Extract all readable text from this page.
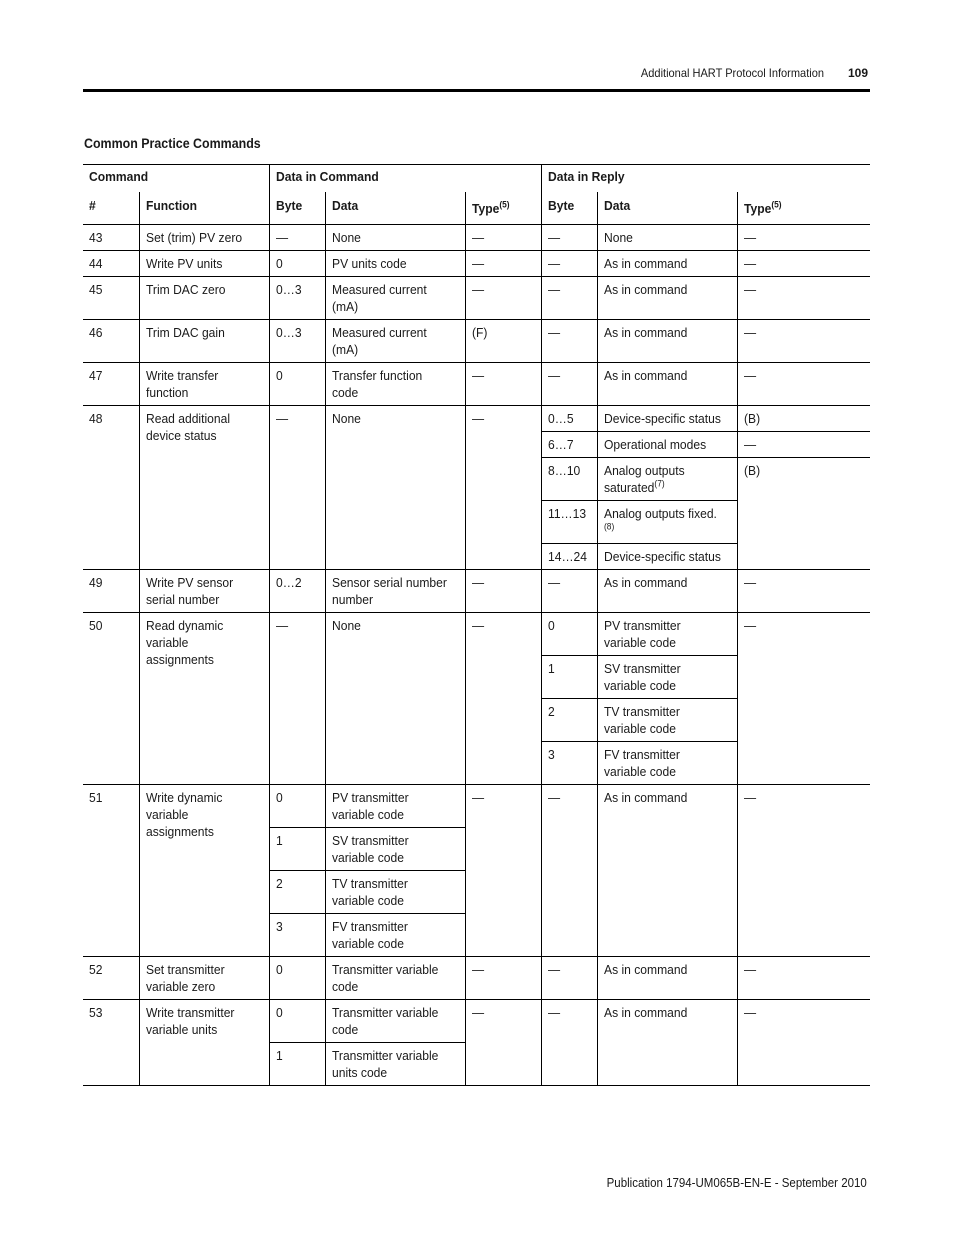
Additional HART Protocol Information 109
Common Practice Commands
Command		Data in Command			Data in Reply		
#	Function	Byte	Data	Type$^{(5)}$	Byte	Data	Type$^{(5)}$
43	Set (trim) PV zero	—	None	—	—	None	—
44	Write PV units	0	PV units code	—	—	As in command	—
45	Trim DAC zero	0…3	Measured current (mA)	—	—	As in command	—
46	Trim DAC gain	0…3	Measured current (mA)	(F)	—	As in command	—
47	Write transfer function	0	Transfer function code	—	—	As in command	—
48	Read additional device status	—	None	—	0…5	Device-specific status	(B)
					6…7	Operational modes	—
					8…10	Analog outputs saturated$^{(7)}$	(B)
					11…13	Analog outputs fixed.$^{(8)}$
					14…24	Device-specific status	
49	Write PV sensor serial number	0…2	Sensor serial number number	—	—	As in command	—
50	Read dynamic variable assignments	—	None	—	0	PV transmitter variable code	—
					1	SV transmitter variable code	
					2	TV transmitter variable code	
					3	FV transmitter variable code	
51	Write dynamic variable assignments	0	PV transmitter variable code	—	—	As in command	—
		1	SV transmitter variable code				
		2	TV transmitter variable code				
		3	FV transmitter variable code				
52	Set transmitter variable zero	0	Transmitter variable code	—	—	As in command	—
53	Write transmitter variable units	0	Transmitter variable code	—	—	As in command	—
		1	Transmitter variable units code				
Publication 1794-UM065B-EN-E - September 2010
